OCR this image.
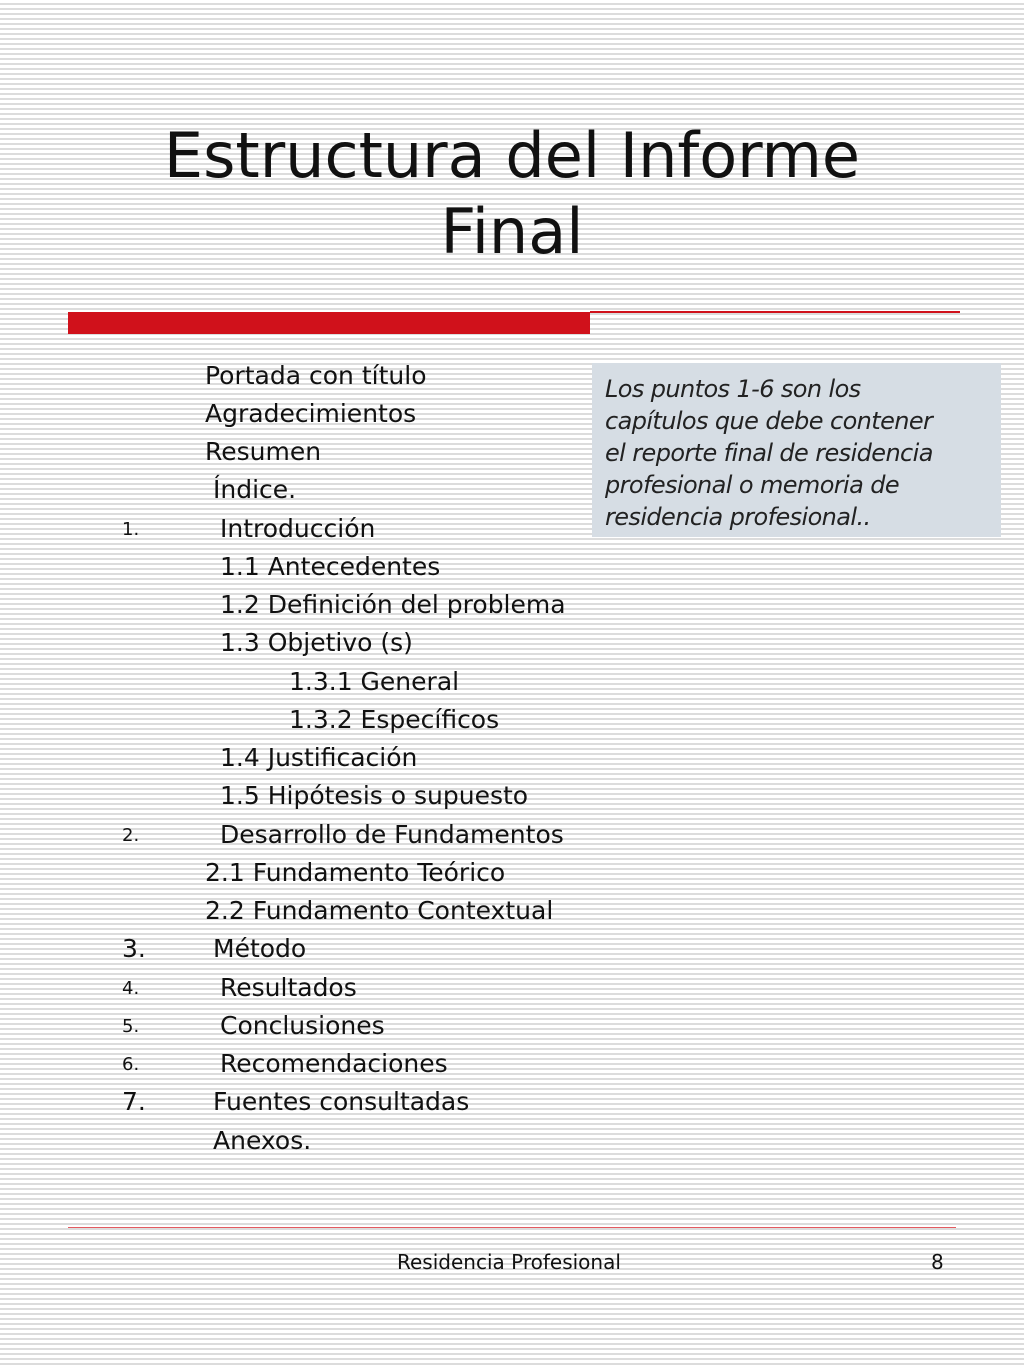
Estructura del Informe
Final
Portada con título
Agradecimientos
Resumen
Índice.
1.	Introducción
1.1 Antecedentes
1.2 Definición del problema
1.3 Objetivo (s)
1.3.1 General
1.3.2 Específicos
1.4 Justificación
1.5 Hipótesis o supuesto
2.	Desarrollo de Fundamentos
2.1 Fundamento Teórico
2.2 Fundamento Contextual
3.	Método
4.	Resultados
5.	Conclusiones
6.	Recomendaciones
7.	Fuentes consultadas
Anexos.

Los puntos 1-6 son los

capítulos que debe contener

el reporte final de residencia

profesional o memoria de

residencia profesional..

Residencia Profesional	8
